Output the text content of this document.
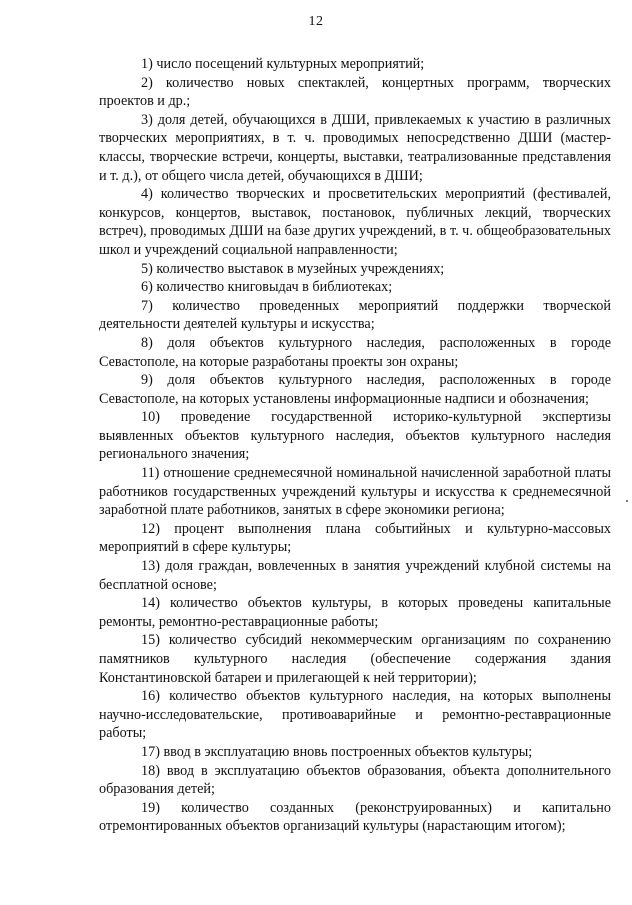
12

1) число посещений культурных мероприятий;

2) количество новых спектаклей, концертных программ, творческих проектов и др.;

3) доля детей, обучающихся в ДШИ, привлекаемых к участию в различных творческих мероприятиях, в т. ч. проводимых непосредственно ДШИ (мастер-классы, творческие встречи, концерты, выставки, театрализованные представления и т. д.), от общего числа детей, обучающихся в ДШИ;

4) количество творческих и просветительских мероприятий (фестивалей, конкурсов, концертов, выставок, постановок, публичных лекций, творческих встреч), проводимых ДШИ на базе других учреждений, в т. ч. общеобразовательных школ и учреждений социальной направленности;

5) количество выставок в музейных учреждениях;

6) количество книговыдач в библиотеках;

7) количество проведенных мероприятий поддержки творческой деятельности деятелей культуры и искусства;

8) доля объектов культурного наследия, расположенных в городе Севастополе, на которые разработаны проекты зон охраны;

9) доля объектов культурного наследия, расположенных в городе Севастополе, на которых установлены информационные надписи и обозначения;

10) проведение государственной историко-культурной экспертизы выявленных объектов культурного наследия, объектов культурного наследия регионального значения;

11) отношение среднемесячной номинальной начисленной заработной платы работников государственных учреждений культуры и искусства к среднемесячной заработной плате работников, занятых в сфере экономики региона;

12) процент выполнения плана событийных и культурно-массовых мероприятий в сфере культуры;

13) доля граждан, вовлеченных в занятия учреждений клубной системы на бесплатной основе;

14) количество объектов культуры, в которых проведены капитальные ремонты, ремонтно-реставрационные работы;

15) количество субсидий некоммерческим организациям по сохранению памятников культурного наследия (обеспечение содержания здания Константиновской батареи и прилегающей к ней территории);

16) количество объектов культурного наследия, на которых выполнены научно-исследовательские, противоаварийные и ремонтно-реставрационные работы;

17) ввод в эксплуатацию вновь построенных объектов культуры;

18) ввод в эксплуатацию объектов образования, объекта дополнительного образования детей;

19) количество созданных (реконструированных) и капитально отремонтированных объектов организаций культуры (нарастающим итогом);
